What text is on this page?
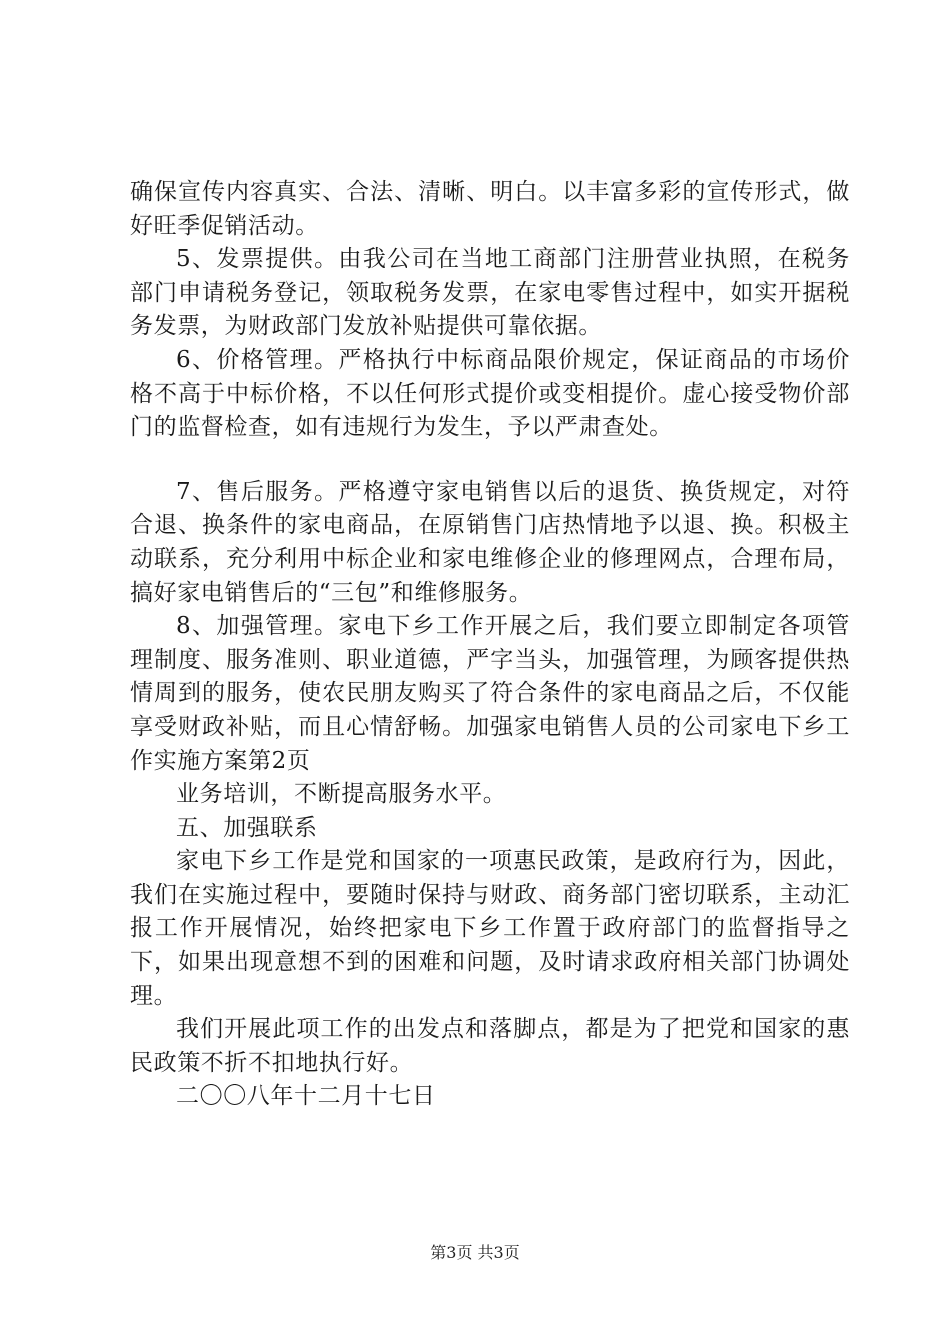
确保宣传内容真实、合法、清晰、明白。以丰富多彩的宣传形式，做好旺季促销活动。

5、发票提供。由我公司在当地工商部门注册营业执照，在税务部门申请税务登记，领取税务发票，在家电零售过程中，如实开据税务发票，为财政部门发放补贴提供可靠依据。

6、价格管理。严格执行中标商品限价规定，保证商品的市场价格不高于中标价格，不以任何形式提价或变相提价。虚心接受物价部门的监督检查，如有违规行为发生，予以严肃查处。

7、售后服务。严格遵守家电销售以后的退货、换货规定，对符合退、换条件的家电商品，在原销售门店热情地予以退、换。积极主动联系，充分利用中标企业和家电维修企业的修理网点，合理布局，搞好家电销售后的“三包”和维修服务。

8、加强管理。家电下乡工作开展之后，我们要立即制定各项管理制度、服务准则、职业道德，严字当头，加强管理，为顾客提供热情周到的服务，使农民朋友购买了符合条件的家电商品之后，不仅能享受财政补贴，而且心情舒畅。加强家电销售人员的公司家电下乡工作实施方案第2页

业务培训，不断提高服务水平。

五、加强联系

家电下乡工作是党和国家的一项惠民政策，是政府行为，因此，我们在实施过程中，要随时保持与财政、商务部门密切联系，主动汇报工作开展情况，始终把家电下乡工作置于政府部门的监督指导之下，如果出现意想不到的困难和问题，及时请求政府相关部门协调处理。

我们开展此项工作的出发点和落脚点，都是为了把党和国家的惠民政策不折不扣地执行好。

二〇〇八年十二月十七日

第3页 共3页
